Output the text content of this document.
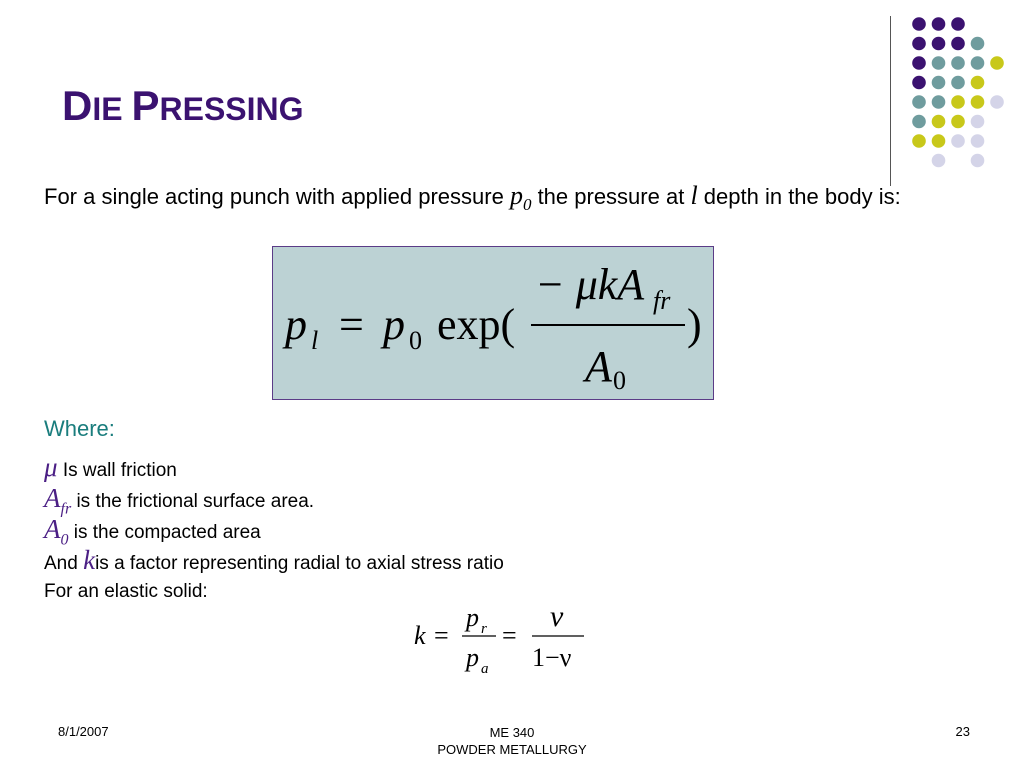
DIE PRESSING
For a single acting punch with applied pressure $p_0$ the pressure at l depth in the body is:
p l = p 0 exp(
− μkA fr
A 0
)
Where:
μ Is wall friction
$A_{fr}$ is the frictional surface area.
$A_0$ is the compacted area
And kis a factor representing radial to axial stress ratio
For an elastic solid:
k =
p r
p a
=
ν
1−ν
8/1/2007	ME 340
POWDER METALLURGY
23
